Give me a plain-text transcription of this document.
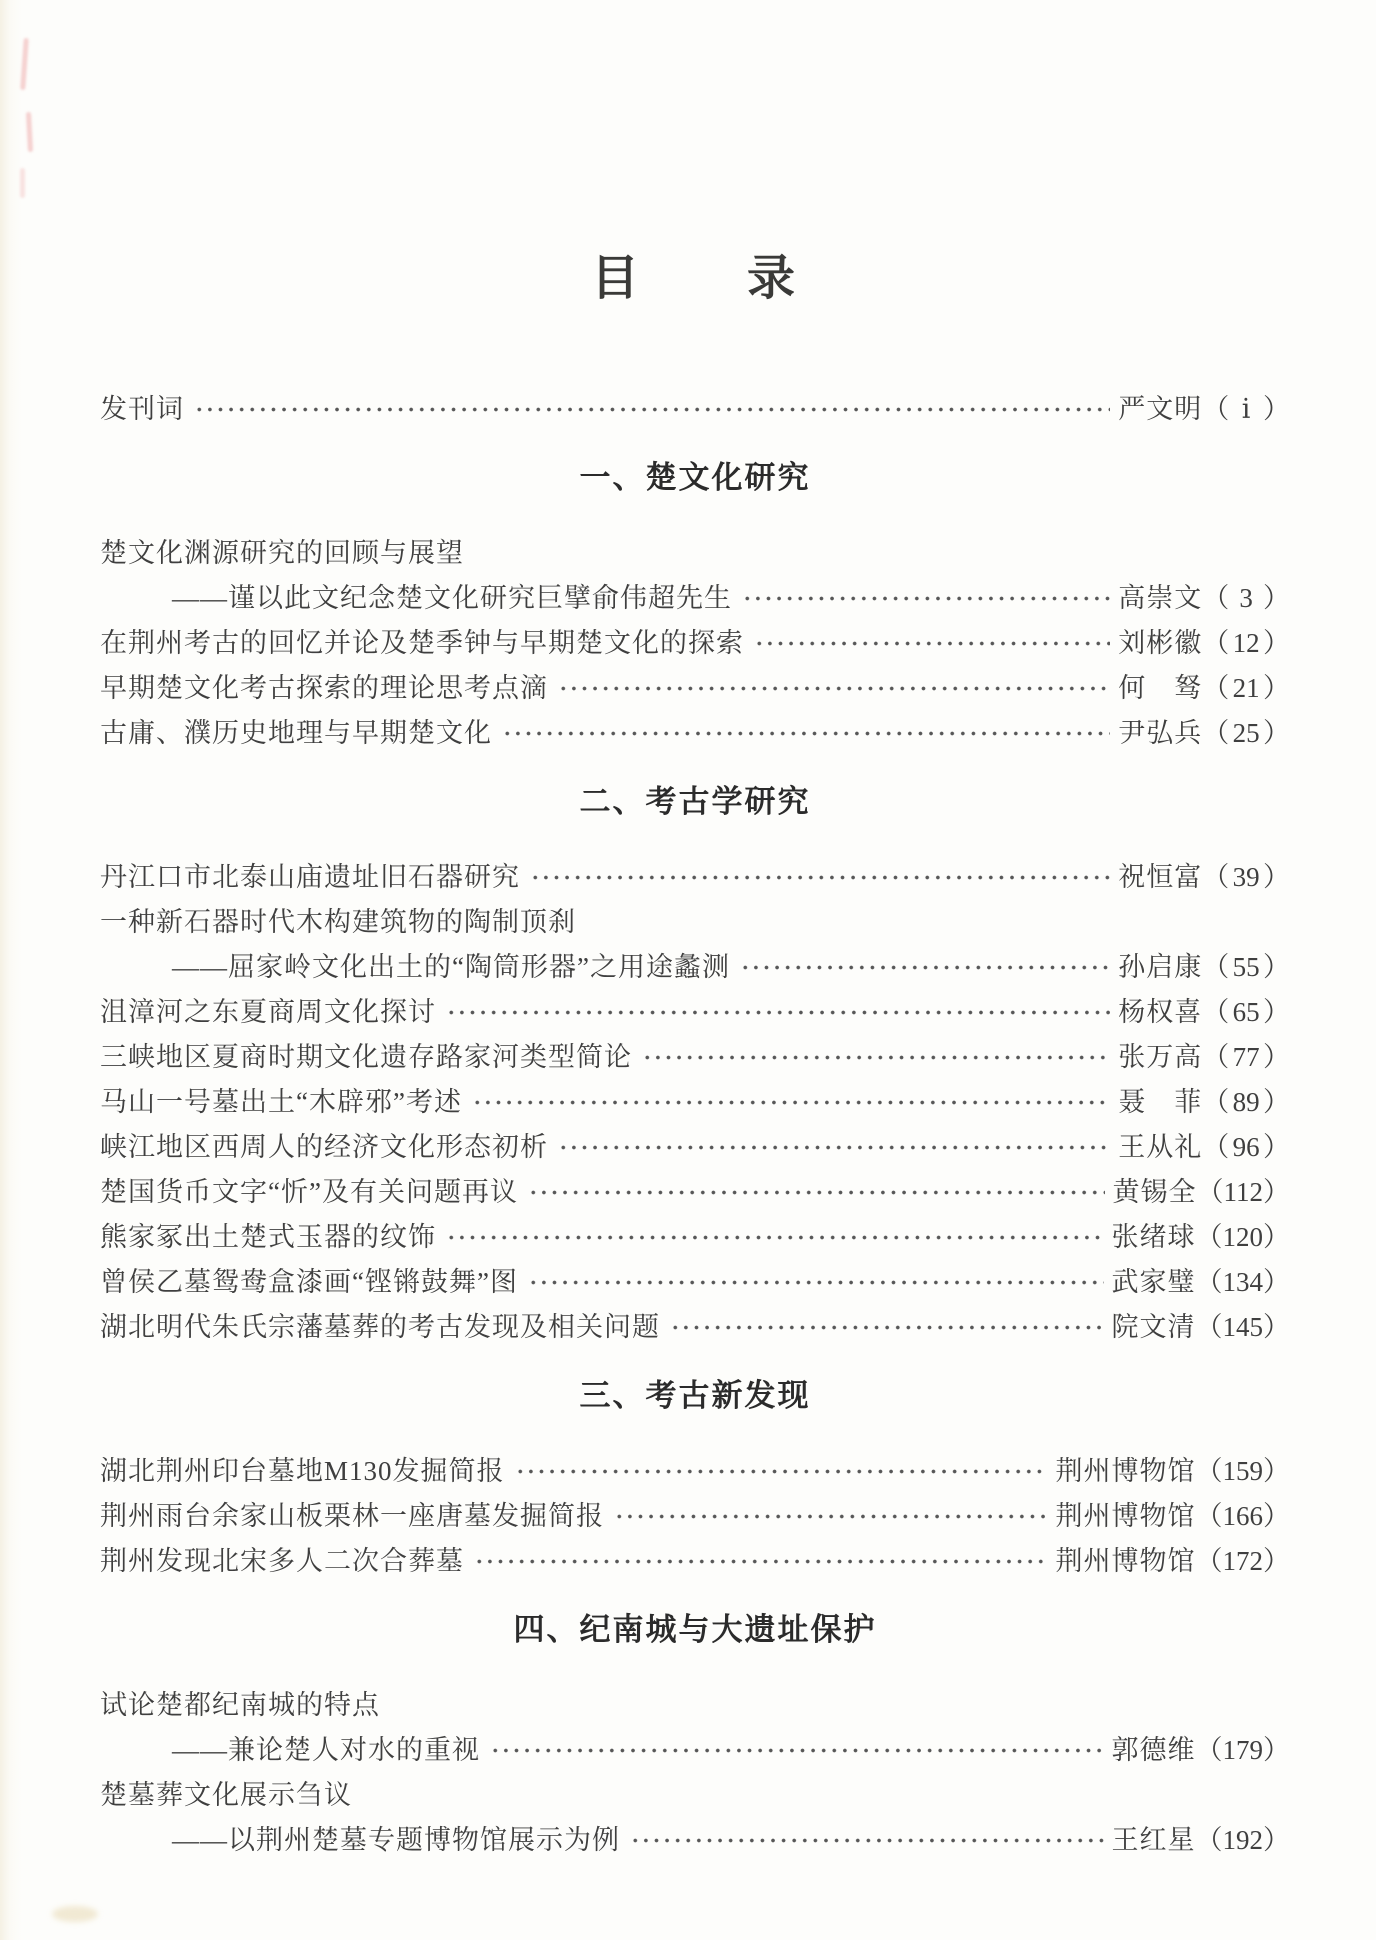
目　　录
发刊词	严文明	（ ⅰ ）
一、楚文化研究
楚文化渊源研究的回顾与展望
——谨以此文纪念楚文化研究巨擘俞伟超先生	高崇文	（ 3 ）
在荆州考古的回忆并论及楚季钟与早期楚文化的探索	刘彬徽	（ 12 ）
早期楚文化考古探索的理论思考点滴	何　驽	（ 21 ）
古庸、濮历史地理与早期楚文化	尹弘兵	（ 25 ）
二、考古学研究
丹江口市北泰山庙遗址旧石器研究	祝恒富	（ 39 ）
一种新石器时代木构建筑物的陶制顶刹
——屈家岭文化出土的“陶筒形器”之用途蠡测	孙启康	（ 55 ）
沮漳河之东夏商周文化探讨	杨权喜	（ 65 ）
三峡地区夏商时期文化遗存路家河类型简论	张万高	（ 77 ）
马山一号墓出土“木辟邪”考述	聂　菲	（ 89 ）
峡江地区西周人的经济文化形态初析	王从礼	（ 96 ）
楚国货币文字“忻”及有关问题再议	黄锡全	（ 112 ）
熊家冢出土楚式玉器的纹饰	张绪球	（ 120 ）
曾侯乙墓鸳鸯盒漆画“铿锵鼓舞”图	武家璧	（ 134 ）
湖北明代朱氏宗藩墓葬的考古发现及相关问题	院文清	（ 145 ）
三、考古新发现
湖北荆州印台墓地M130发掘简报	荆州博物馆	（ 159 ）
荆州雨台余家山板栗林一座唐墓发掘简报	荆州博物馆	（ 166 ）
荆州发现北宋多人二次合葬墓	荆州博物馆	（ 172 ）
四、纪南城与大遗址保护
试论楚都纪南城的特点
——兼论楚人对水的重视	郭德维	（ 179 ）
楚墓葬文化展示刍议
——以荆州楚墓专题博物馆展示为例	王红星	（ 192 ）
